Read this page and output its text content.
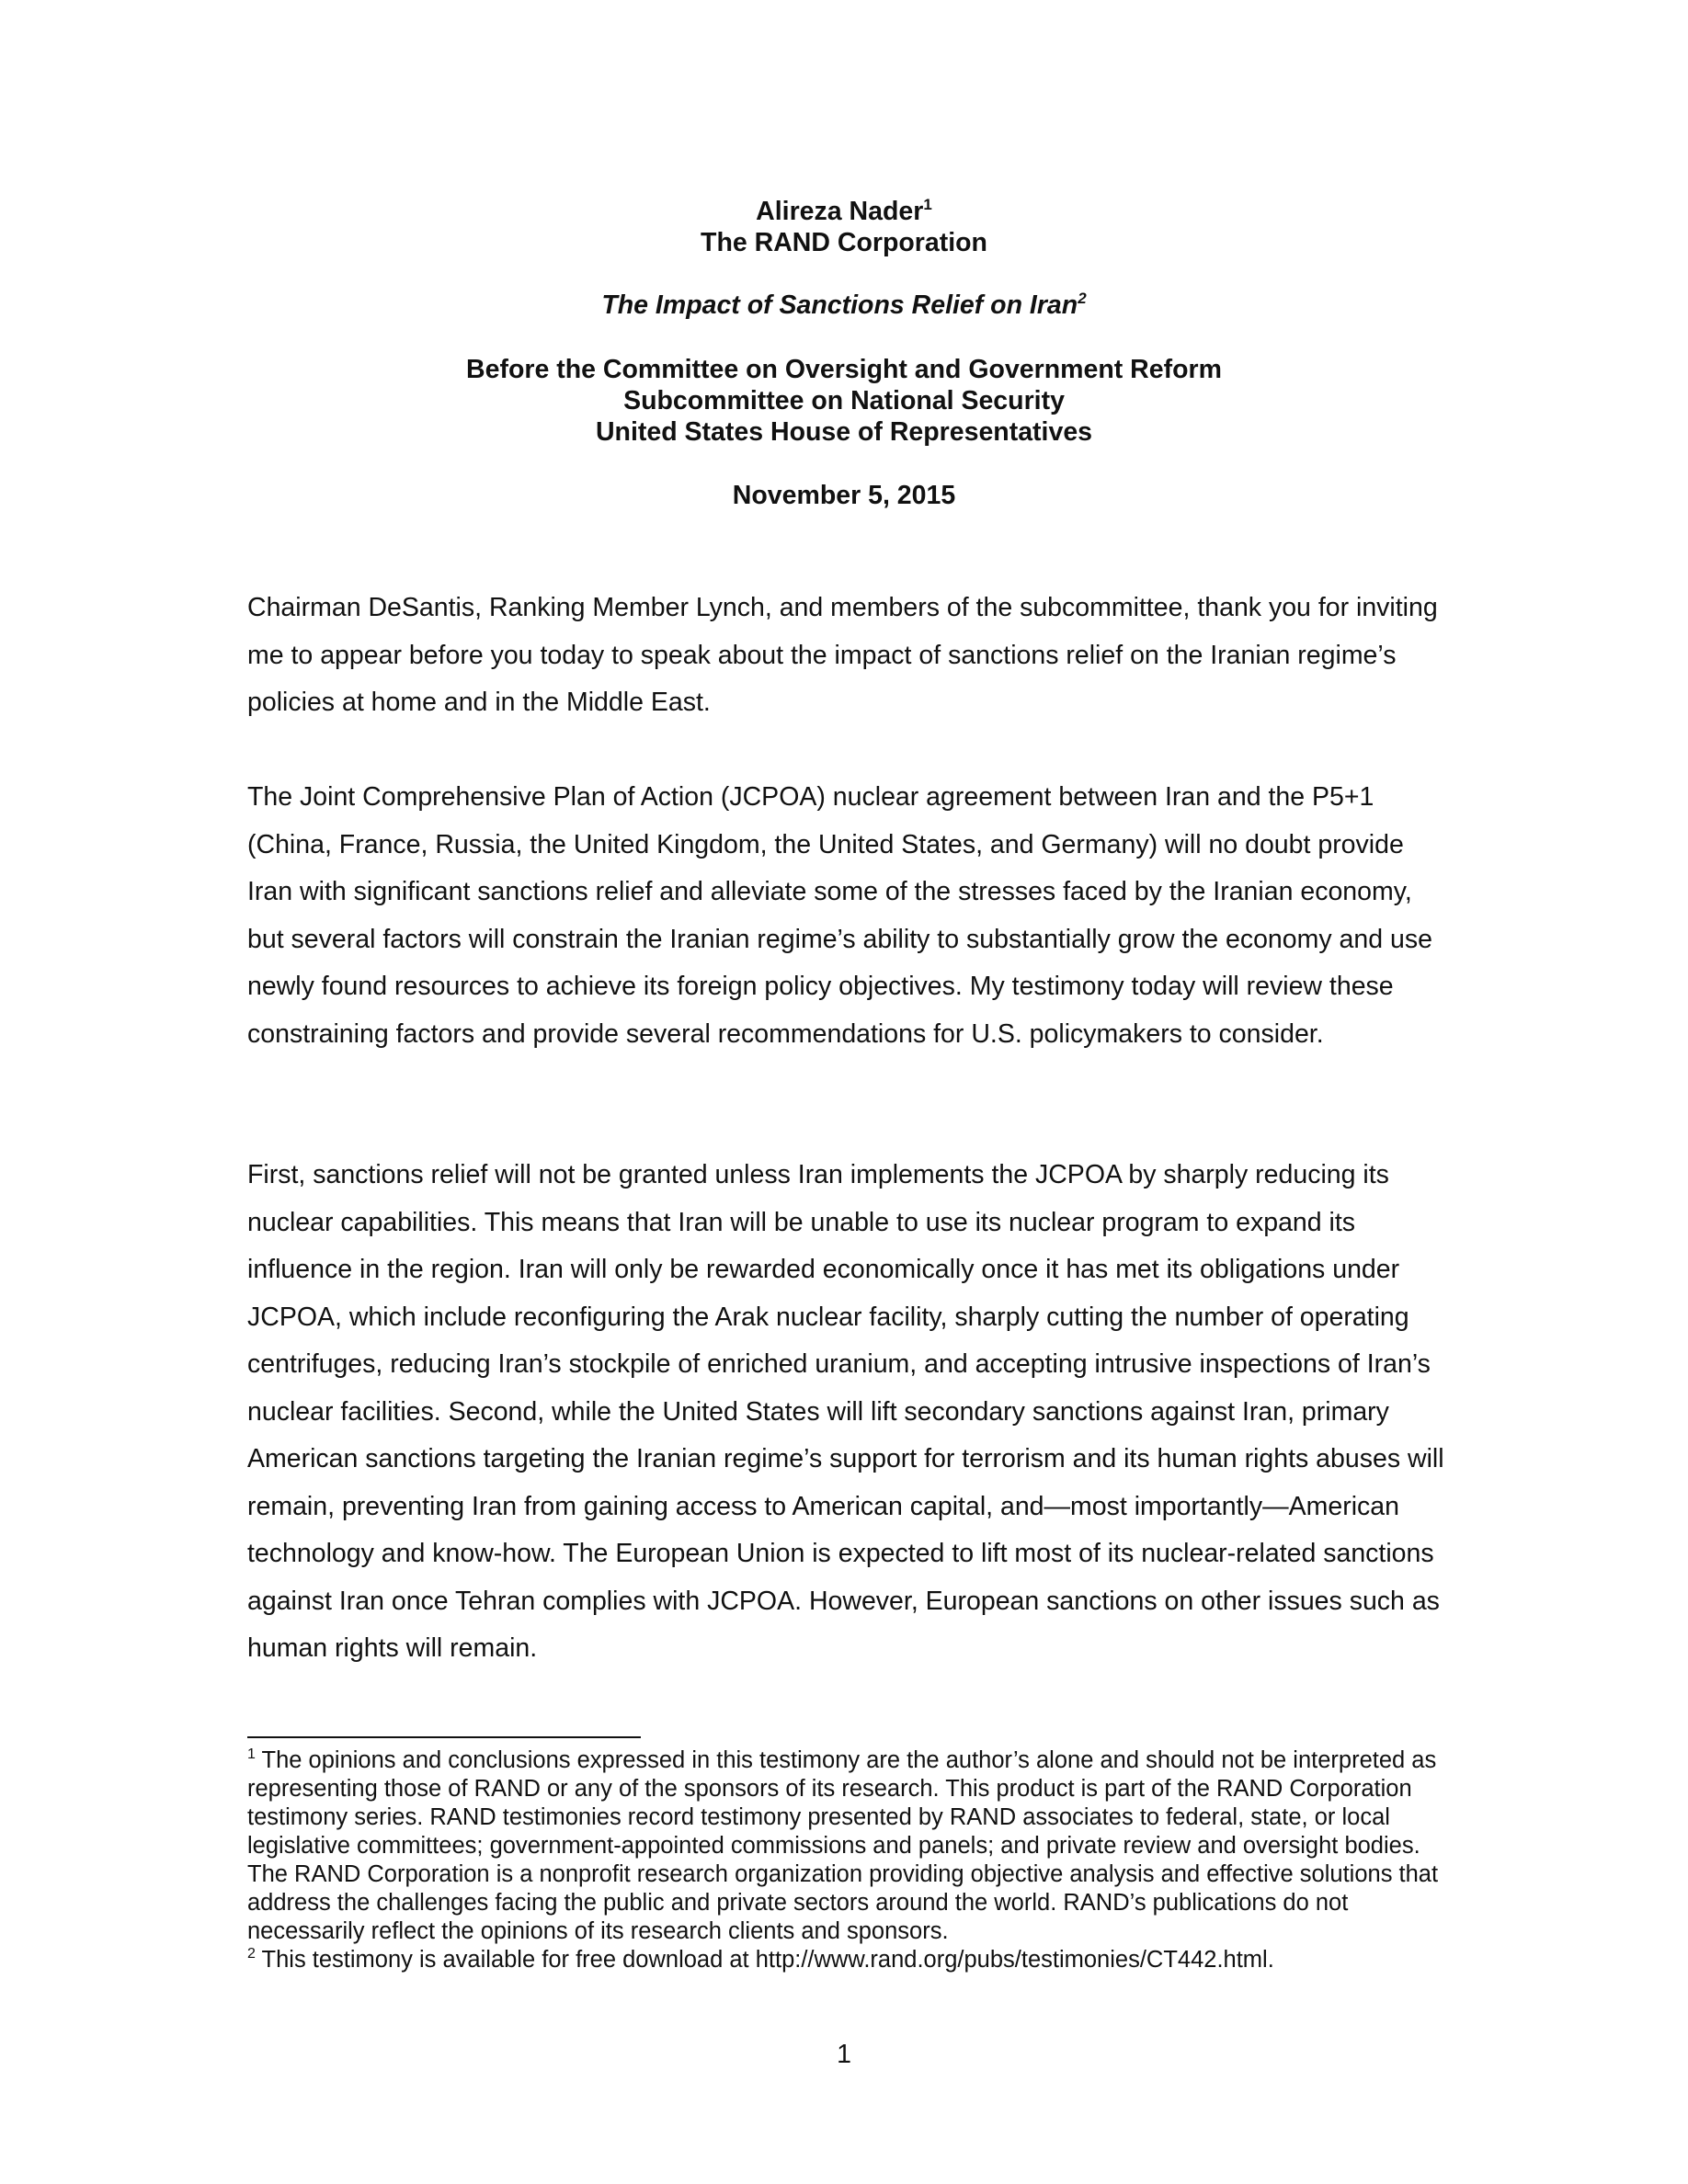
Alireza Nader$^1$
The RAND Corporation
The Impact of Sanctions Relief on Iran$^2$
Before the Committee on Oversight and Government Reform
Subcommittee on National Security
United States House of Representatives
November 5, 2015

Chairman DeSantis, Ranking Member Lynch, and members of the subcommittee, thank you for inviting me to appear before you today to speak about the impact of sanctions relief on the Iranian regime’s policies at home and in the Middle East.

The Joint Comprehensive Plan of Action (JCPOA) nuclear agreement between Iran and the P5+1 (China, France, Russia, the United Kingdom, the United States, and Germany) will no doubt provide Iran with significant sanctions relief and alleviate some of the stresses faced by the Iranian economy, but several factors will constrain the Iranian regime’s ability to substantially grow the economy and use newly found resources to achieve its foreign policy objectives. My testimony today will review these constraining factors and provide several recommendations for U.S. policymakers to consider.

First, sanctions relief will not be granted unless Iran implements the JCPOA by sharply reducing its nuclear capabilities. This means that Iran will be unable to use its nuclear program to expand its influence in the region. Iran will only be rewarded economically once it has met its obligations under JCPOA, which include reconfiguring the Arak nuclear facility, sharply cutting the number of operating centrifuges, reducing Iran’s stockpile of enriched uranium, and accepting intrusive inspections of Iran’s nuclear facilities. Second, while the United States will lift secondary sanctions against Iran, primary American sanctions targeting the Iranian regime’s support for terrorism and its human rights abuses will remain, preventing Iran from gaining access to American capital, and—most importantly—American technology and know-how. The European Union is expected to lift most of its nuclear-related sanctions against Iran once Tehran complies with JCPOA. However, European sanctions on other issues such as human rights will remain.

$^1$ The opinions and conclusions expressed in this testimony are the author’s alone and should not be interpreted as representing those of RAND or any of the sponsors of its research. This product is part of the RAND Corporation testimony series. RAND testimonies record testimony presented by RAND associates to federal, state, or local legislative committees; government-appointed commissions and panels; and private review and oversight bodies. The RAND Corporation is a nonprofit research organization providing objective analysis and effective solutions that address the challenges facing the public and private sectors around the world. RAND’s publications do not necessarily reflect the opinions of its research clients and sponsors.

$^2$ This testimony is available for free download at http://www.rand.org/pubs/testimonies/CT442.html.

1
